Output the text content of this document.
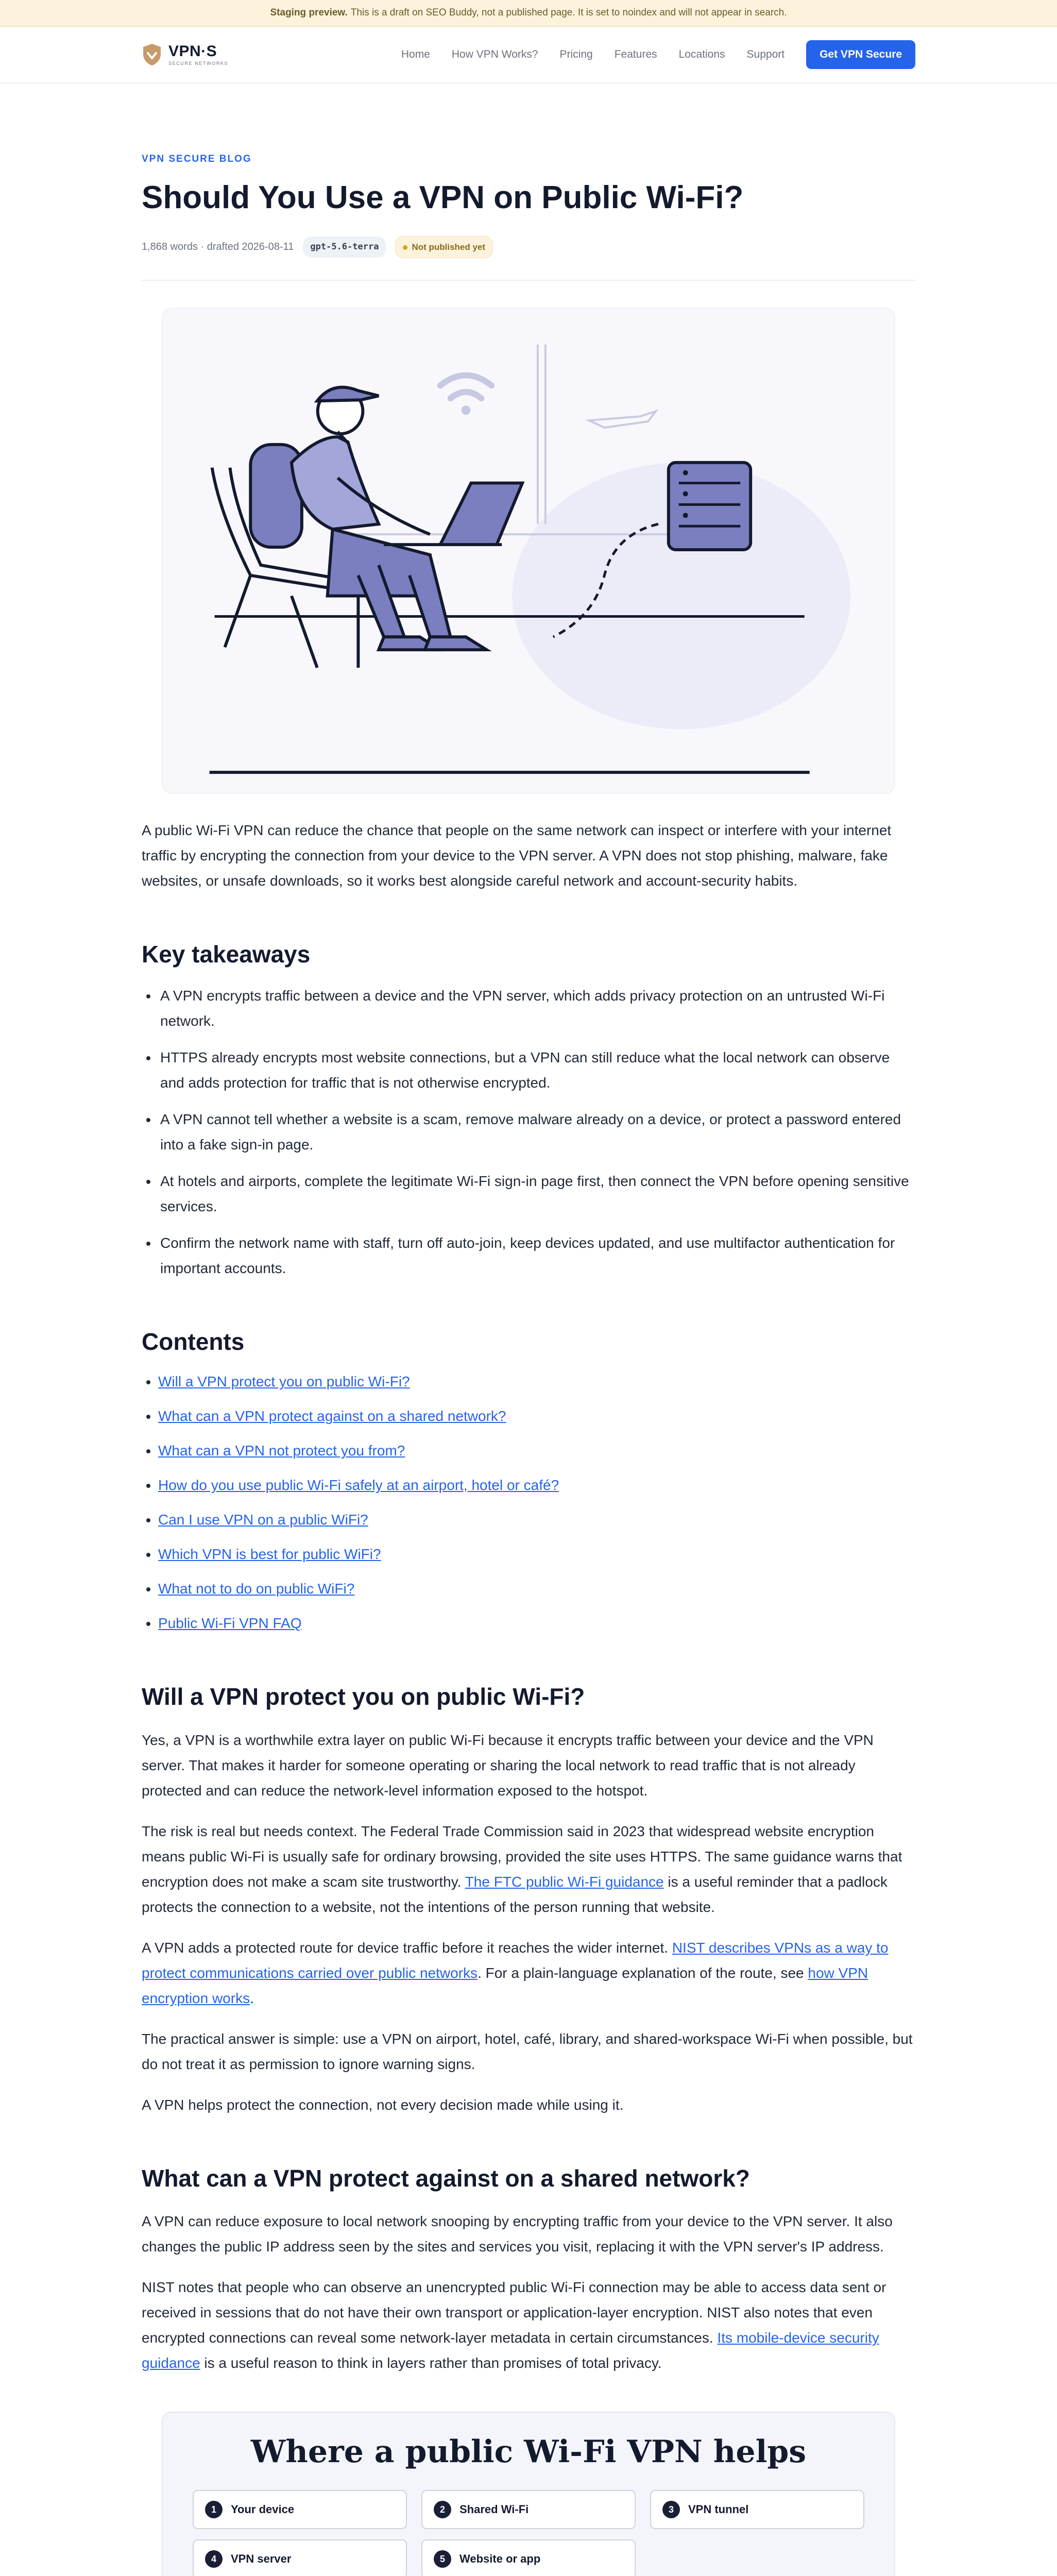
Staging preview. This is a draft on SEO Buddy, not a published page. It is set to noindex and will not appear in search.
VPN·S
SECURE NETWORKS
Home How VPN Works? Pricing Features Locations Support	Get VPN Secure
VPN SECURE BLOG
Should You Use a VPN on Public Wi-Fi?
1,868 words · drafted 2026-08-11	gpt-5.6-terra	Not published yet

A public Wi-Fi VPN can reduce the chance that people on the same network can inspect or interfere with your internet traffic by encrypting the connection from your device to the VPN server. A VPN does not stop phishing, malware, fake websites, or unsafe downloads, so it works best alongside careful network and account-security habits.

Key takeaways
• A VPN encrypts traffic between a device and the VPN server, which adds privacy protection on an untrusted Wi-Fi network.
• HTTPS already encrypts most website connections, but a VPN can still reduce what the local network can observe and adds protection for traffic that is not otherwise encrypted.
• A VPN cannot tell whether a website is a scam, remove malware already on a device, or protect a password entered into a fake sign-in page.
• At hotels and airports, complete the legitimate Wi-Fi sign-in page first, then connect the VPN before opening sensitive services.
• Confirm the network name with staff, turn off auto-join, keep devices updated, and use multifactor authentication for important accounts.
Contents
• Will a VPN protect you on public Wi-Fi?
• What can a VPN protect against on a shared network?
• What can a VPN not protect you from?
• How do you use public Wi-Fi safely at an airport, hotel or café?
• Can I use VPN on a public WiFi?
• Which VPN is best for public WiFi?
• What not to do on public WiFi?
• Public Wi-Fi VPN FAQ
Will a VPN protect you on public Wi-Fi?

Yes, a VPN is a worthwhile extra layer on public Wi-Fi because it encrypts traffic between your device and the VPN server. That makes it harder for someone operating or sharing the local network to read traffic that is not already protected and can reduce the network-level information exposed to the hotspot.

The risk is real but needs context. The Federal Trade Commission said in 2023 that widespread website encryption means public Wi-Fi is usually safe for ordinary browsing, provided the site uses HTTPS. The same guidance warns that encryption does not make a scam site trustworthy. The FTC public Wi-Fi guidance is a useful reminder that a padlock protects the connection to a website, not the intentions of the person running that website.

A VPN adds a protected route for device traffic before it reaches the wider internet. NIST describes VPNs as a way to protect communications carried over public networks. For a plain-language explanation of the route, see how VPN encryption works.

The practical answer is simple: use a VPN on airport, hotel, café, library, and shared-workspace Wi-Fi when possible, but do not treat it as permission to ignore warning signs.

A VPN helps protect the connection, not every decision made while using it.

What can a VPN protect against on a shared network?

A VPN can reduce exposure to local network snooping by encrypting traffic from your device to the VPN server. It also changes the public IP address seen by the sites and services you visit, replacing it with the VPN server's IP address.

NIST notes that people who can observe an unencrypted public Wi-Fi connection may be able to access data sent or received in sessions that do not have their own transport or application-layer encryption. NIST also notes that even encrypted connections can reveal some network-layer metadata in certain circumstances. Its mobile-device security guidance is a useful reason to think in layers rather than promises of total privacy.

Where a public Wi-Fi VPN helps
1	Your device	2	Shared Wi-Fi	3	VPN tunnel
4	VPN server	5	Website or app
